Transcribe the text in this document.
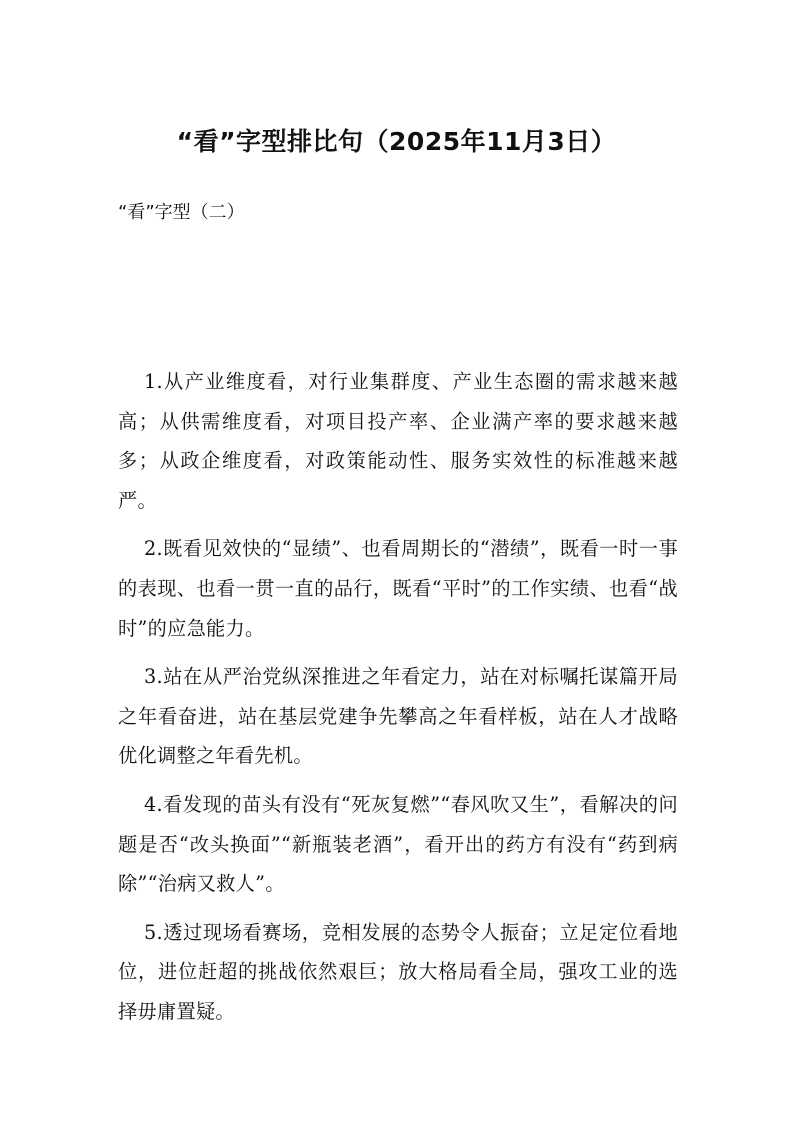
“看”字型排比句（2025年11月3日）
“看”字型（二）

1.从产业维度看，对行业集群度、产业生态圈的需求越来越高；从供需维度看，对项目投产率、企业满产率的要求越来越多；从政企维度看，对政策能动性、服务实效性的标准越来越严。

2.既看见效快的“显绩”、也看周期长的“潜绩”，既看一时一事的表现、也看一贯一直的品行，既看“平时”的工作实绩、也看“战时”的应急能力。

3.站在从严治党纵深推进之年看定力，站在对标嘱托谋篇开局之年看奋进，站在基层党建争先攀高之年看样板，站在人才战略优化调整之年看先机。

4.看发现的苗头有没有“死灰复燃”“春风吹又生”，看解决的问题是否“改头换面”“新瓶装老酒”，看开出的药方有没有“药到病除”“治病又救人”。

5.透过现场看赛场，竞相发展的态势令人振奋；立足定位看地位，进位赶超的挑战依然艰巨；放大格局看全局，强攻工业的选择毋庸置疑。
